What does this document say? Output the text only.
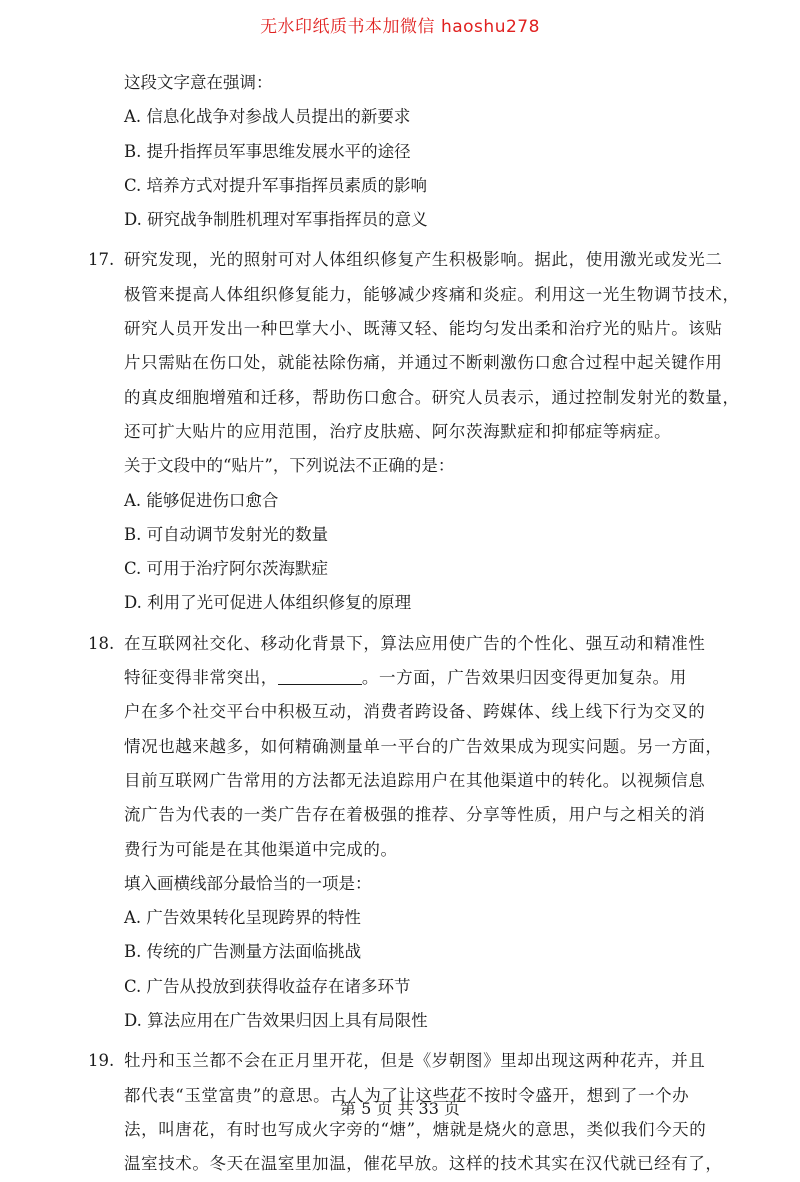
无水印纸质书本加微信 haoshu278
这段文字意在强调：
A. 信息化战争对参战人员提出的新要求
B. 提升指挥员军事思维发展水平的途径
C. 培养方式对提升军事指挥员素质的影响
D. 研究战争制胜机理对军事指挥员的意义
17. 研究发现，光的照射可对人体组织修复产生积极影响。据此，使用激光或发光二
极管来提高人体组织修复能力，能够减少疼痛和炎症。利用这一光生物调节技术，
研究人员开发出一种巴掌大小、既薄又轻、能均匀发出柔和治疗光的贴片。该贴
片只需贴在伤口处，就能祛除伤痛，并通过不断刺激伤口愈合过程中起关键作用
的真皮细胞增殖和迁移，帮助伤口愈合。研究人员表示，通过控制发射光的数量，
还可扩大贴片的应用范围，治疗皮肤癌、阿尔茨海默症和抑郁症等病症。
关于文段中的“贴片”，下列说法不正确的是：
A. 能够促进伤口愈合
B. 可自动调节发射光的数量
C. 可用于治疗阿尔茨海默症
D. 利用了光可促进人体组织修复的原理
18. 在互联网社交化、移动化背景下，算法应用使广告的个性化、强互动和精准性
特征变得非常突出，	。一方面，广告效果归因变得更加复杂。用
户在多个社交平台中积极互动，消费者跨设备、跨媒体、线上线下行为交叉的
情况也越来越多，如何精确测量单一平台的广告效果成为现实问题。另一方面，
目前互联网广告常用的方法都无法追踪用户在其他渠道中的转化。以视频信息
流广告为代表的一类广告存在着极强的推荐、分享等性质，用户与之相关的消
费行为可能是在其他渠道中完成的。
填入画横线部分最恰当的一项是：
A. 广告效果转化呈现跨界的特性
B. 传统的广告测量方法面临挑战
C. 广告从投放到获得收益存在诸多环节
D. 算法应用在广告效果归因上具有局限性
19. 牡丹和玉兰都不会在正月里开花，但是《岁朝图》里却出现这两种花卉，并且
都代表“玉堂富贵”的意思。古人为了让这些花不按时令盛开，想到了一个办
法，叫唐花，有时也写成火字旁的“煻”，煻就是烧火的意思，类似我们今天的
温室技术。冬天在温室里加温，催花早放。这样的技术其实在汉代就已经有了，
第 5 页 共 33 页
